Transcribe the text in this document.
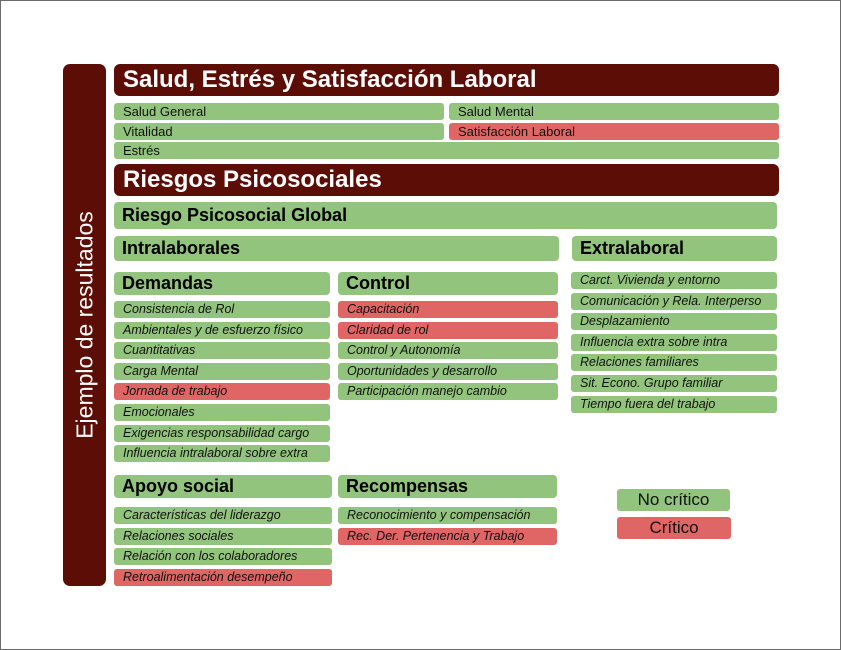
Ejemplo de resultados
Salud, Estrés y Satisfacción Laboral
Salud General	Salud Mental
Vitalidad	Satisfacción Laboral
Estrés
Riesgos Psicosociales
Riesgo Psicosocial Global
Intralaborales	Extralaboral
Demandas
Consistencia de Rol
Ambientales y de esfuerzo físico
Cuantitativas
Carga Mental
Jornada de trabajo
Emocionales
Exigencias responsabilidad cargo
Influencia intralaboral sobre extra
Control
Capacitación
Claridad de rol
Control y Autonomía
Oportunidades y desarrollo
Participación manejo cambio
Carct. Vivienda y entorno
Comunicación y Rela. Interperso
Desplazamiento
Influencia extra sobre intra
Relaciones familiares
Sit. Econo. Grupo familiar
Tiempo fuera del trabajo
Apoyo social
Características del liderazgo
Relaciones sociales
Relación con los colaboradores
Retroalimentación desempeño
Recompensas
Reconocimiento y compensación
Rec. Der. Pertenencia y Trabajo
No crítico
Crítico
